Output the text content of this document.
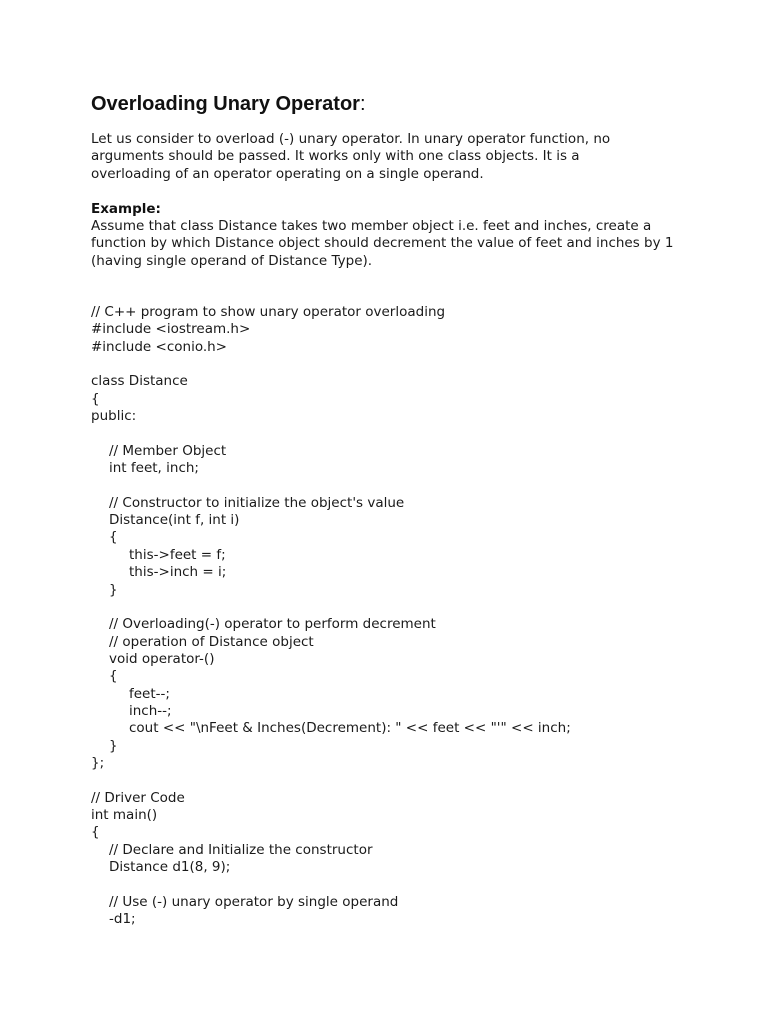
Overloading Unary Operator:

Let us consider to overload (-) unary operator. In unary operator function, no
arguments should be passed. It works only with one class objects. It is a
overloading of an operator operating on a single operand.

Example:

Assume that class Distance takes two member object i.e. feet and inches, create a
function by which Distance object should decrement the value of feet and inches by 1
(having single operand of Distance Type).

// C++ program to show unary operator overloading
#include <iostream.h>
#include <conio.h>
class Distance
{
public:
// Member Object
int feet, inch;
// Constructor to initialize the object's value
Distance(int f, int i)
{
this->feet = f;
this->inch = i;
}
// Overloading(-) operator to perform decrement
// operation of Distance object
void operator-()
{
feet--;
inch--;
cout << "\nFeet & Inches(Decrement): " << feet << "'" << inch;
}
};
// Driver Code
int main()
{
// Declare and Initialize the constructor
Distance d1(8, 9);
// Use (-) unary operator by single operand
-d1;
